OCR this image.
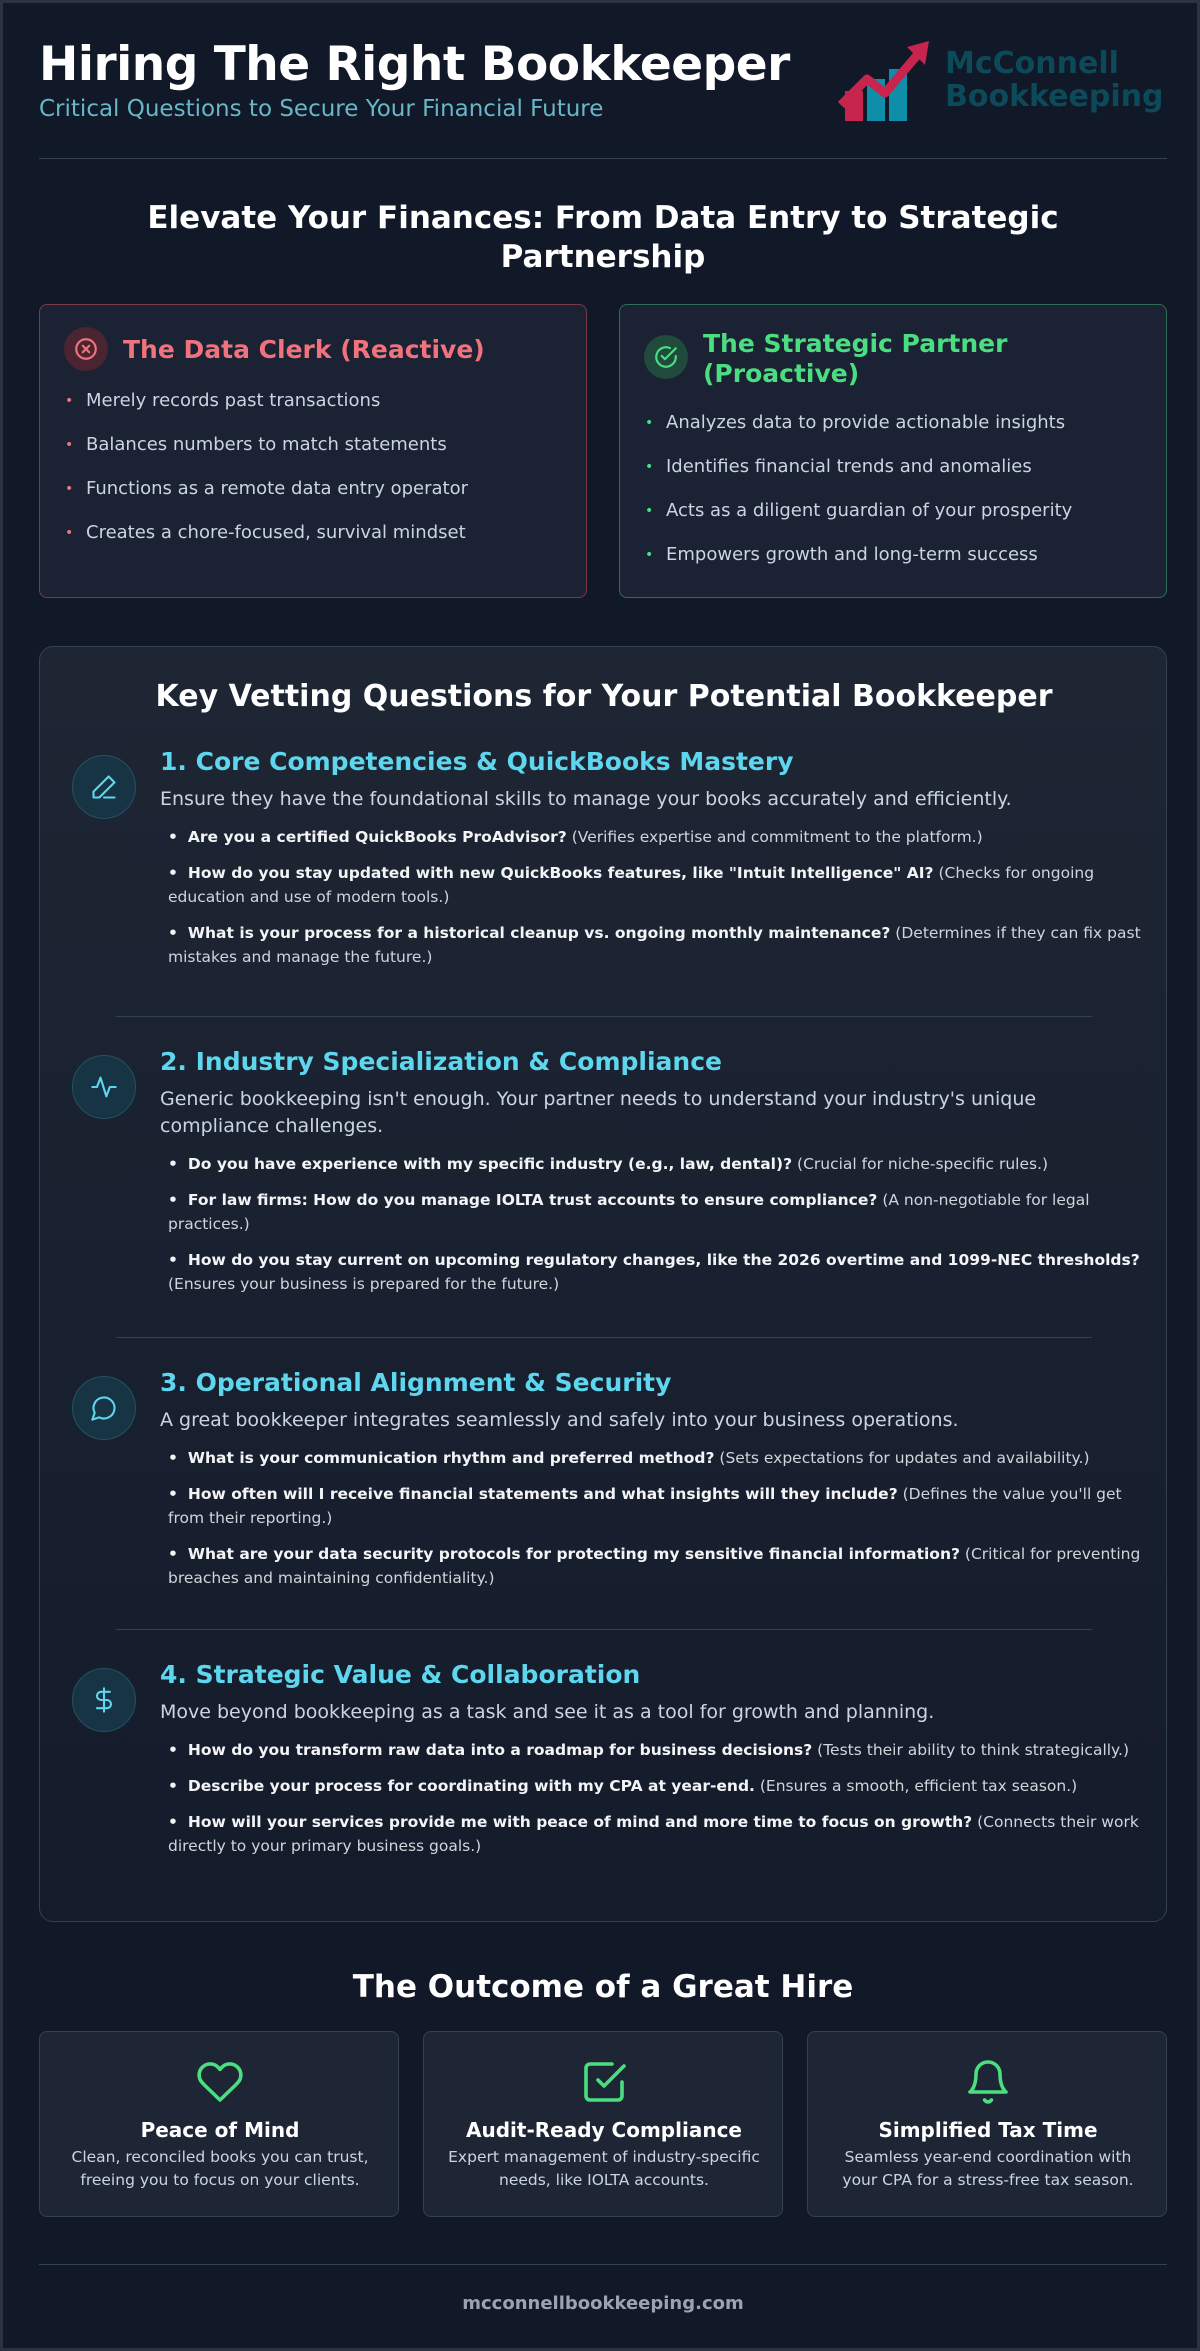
Hiring The Right Bookkeeper
Critical Questions to Secure Your Financial Future
McConnell
Bookkeeping
Elevate Your Finances: From Data Entry to Strategic Partnership
The Data Clerk (Reactive)
• Merely records past transactions
• Balances numbers to match statements
• Functions as a remote data entry operator
• Creates a chore-focused, survival mindset
The Strategic Partner (Proactive)
• Analyzes data to provide actionable insights
• Identifies financial trends and anomalies
• Acts as a diligent guardian of your prosperity
• Empowers growth and long-term success
Key Vetting Questions for Your Potential Bookkeeper
1. Core Competencies & QuickBooks Mastery
Ensure they have the foundational skills to manage your books accurately and efficiently.
• Are you a certified QuickBooks ProAdvisor? (Verifies expertise and commitment to the platform.)
• How do you stay updated with new QuickBooks features, like "Intuit Intelligence" AI? (Checks for ongoing education and use of modern tools.)
• What is your process for a historical cleanup vs. ongoing monthly maintenance? (Determines if they can fix past mistakes and manage the future.)
2. Industry Specialization & Compliance
Generic bookkeeping isn't enough. Your partner needs to understand your industry's unique compliance challenges.
• Do you have experience with my specific industry (e.g., law, dental)? (Crucial for niche-specific rules.)
• For law firms: How do you manage IOLTA trust accounts to ensure compliance? (A non-negotiable for legal practices.)
• How do you stay current on upcoming regulatory changes, like the 2026 overtime and 1099-NEC thresholds? (Ensures your business is prepared for the future.)
3. Operational Alignment & Security
A great bookkeeper integrates seamlessly and safely into your business operations.
• What is your communication rhythm and preferred method? (Sets expectations for updates and availability.)
• How often will I receive financial statements and what insights will they include? (Defines the value you'll get from their reporting.)
• What are your data security protocols for protecting my sensitive financial information? (Critical for preventing breaches and maintaining confidentiality.)
4. Strategic Value & Collaboration
Move beyond bookkeeping as a task and see it as a tool for growth and planning.
• How do you transform raw data into a roadmap for business decisions? (Tests their ability to think strategically.)
• Describe your process for coordinating with my CPA at year-end. (Ensures a smooth, efficient tax season.)
• How will your services provide me with peace of mind and more time to focus on growth? (Connects their work directly to your primary business goals.)
The Outcome of a Great Hire
Peace of Mind
Clean, reconciled books you can trust, freeing you to focus on your clients.
Audit-Ready Compliance
Expert management of industry-specific needs, like IOLTA accounts.
Simplified Tax Time
Seamless year-end coordination with your CPA for a stress-free tax season.
mcconnellbookkeeping.com
